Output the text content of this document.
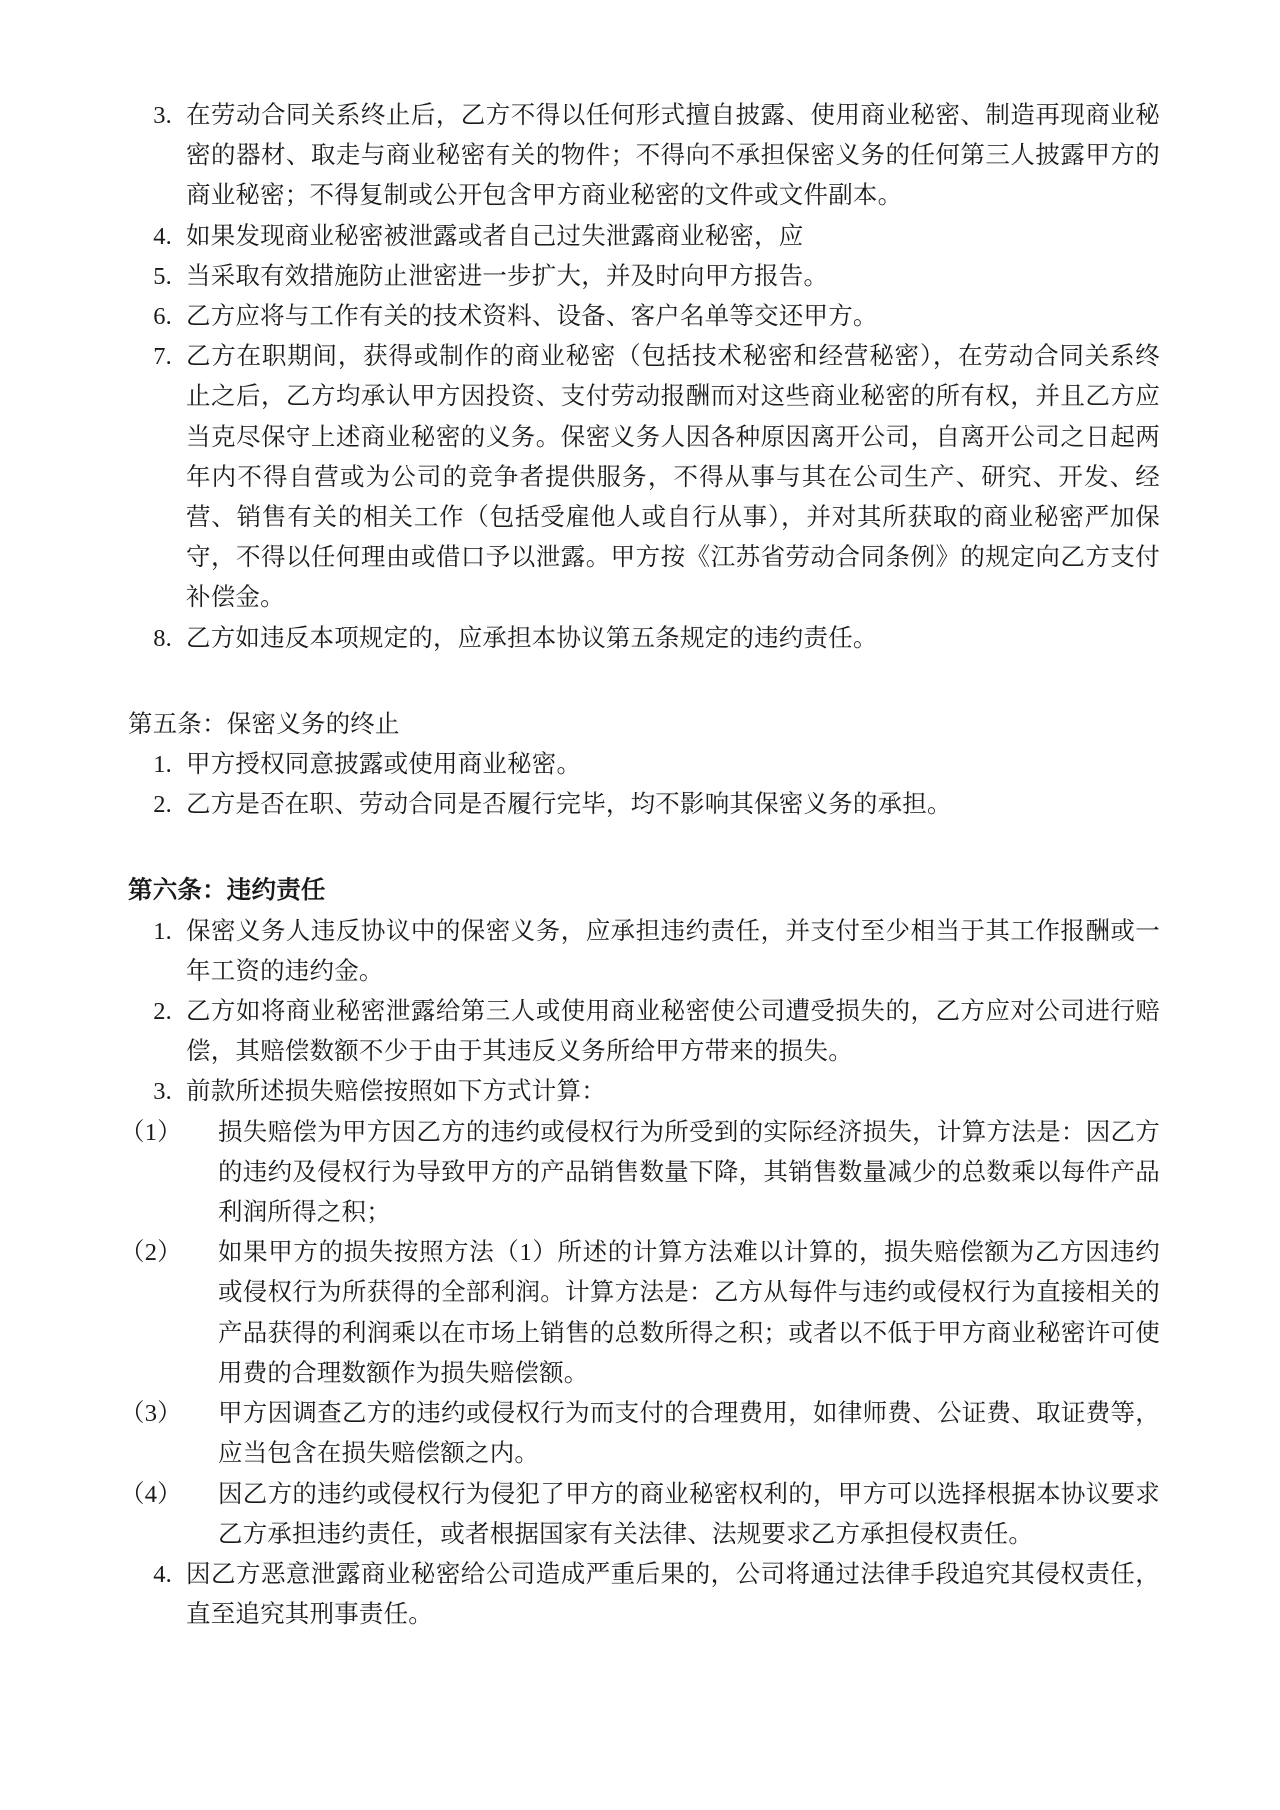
3. 在劳动合同关系终止后，乙方不得以任何形式擅自披露、使用商业秘密、制造再现商业秘密的器材、取走与商业秘密有关的物件；不得向不承担保密义务的任何第三人披露甲方的商业秘密；不得复制或公开包含甲方商业秘密的文件或文件副本。
4. 如果发现商业秘密被泄露或者自己过失泄露商业秘密，应
5. 当采取有效措施防止泄密进一步扩大，并及时向甲方报告。
6. 乙方应将与工作有关的技术资料、设备、客户名单等交还甲方。
7. 乙方在职期间，获得或制作的商业秘密（包括技术秘密和经营秘密），在劳动合同关系终止之后，乙方均承认甲方因投资、支付劳动报酬而对这些商业秘密的所有权，并且乙方应当克尽保守上述商业秘密的义务。保密义务人因各种原因离开公司，自离开公司之日起两年内不得自营或为公司的竞争者提供服务，不得从事与其在公司生产、研究、开发、经营、销售有关的相关工作（包括受雇他人或自行从事），并对其所获取的商业秘密严加保守，不得以任何理由或借口予以泄露。甲方按《江苏省劳动合同条例》的规定向乙方支付补偿金。
8. 乙方如违反本项规定的，应承担本协议第五条规定的违约责任。

第五条：保密义务的终止

1. 甲方授权同意披露或使用商业秘密。
2. 乙方是否在职、劳动合同是否履行完毕，均不影响其保密义务的承担。

第六条：违约责任

1. 保密义务人违反协议中的保密义务，应承担违约责任，并支付至少相当于其工作报酬或一年工资的违约金。
2. 乙方如将商业秘密泄露给第三人或使用商业秘密使公司遭受损失的，乙方应对公司进行赔偿，其赔偿数额不少于由于其违反义务所给甲方带来的损失。
3. 前款所述损失赔偿按照如下方式计算：
（1）	损失赔偿为甲方因乙方的违约或侵权行为所受到的实际经济损失，计算方法是：因乙方的违约及侵权行为导致甲方的产品销售数量下降，其销售数量减少的总数乘以每件产品利润所得之积；
（2）	如果甲方的损失按照方法（1）所述的计算方法难以计算的，损失赔偿额为乙方因违约或侵权行为所获得的全部利润。计算方法是：乙方从每件与违约或侵权行为直接相关的产品获得的利润乘以在市场上销售的总数所得之积；或者以不低于甲方商业秘密许可使用费的合理数额作为损失赔偿额。
（3）	甲方因调查乙方的违约或侵权行为而支付的合理费用，如律师费、公证费、取证费等，应当包含在损失赔偿额之内。
（4）	因乙方的违约或侵权行为侵犯了甲方的商业秘密权利的，甲方可以选择根据本协议要求乙方承担违约责任，或者根据国家有关法律、法规要求乙方承担侵权责任。
4. 因乙方恶意泄露商业秘密给公司造成严重后果的，公司将通过法律手段追究其侵权责任，直至追究其刑事责任。
